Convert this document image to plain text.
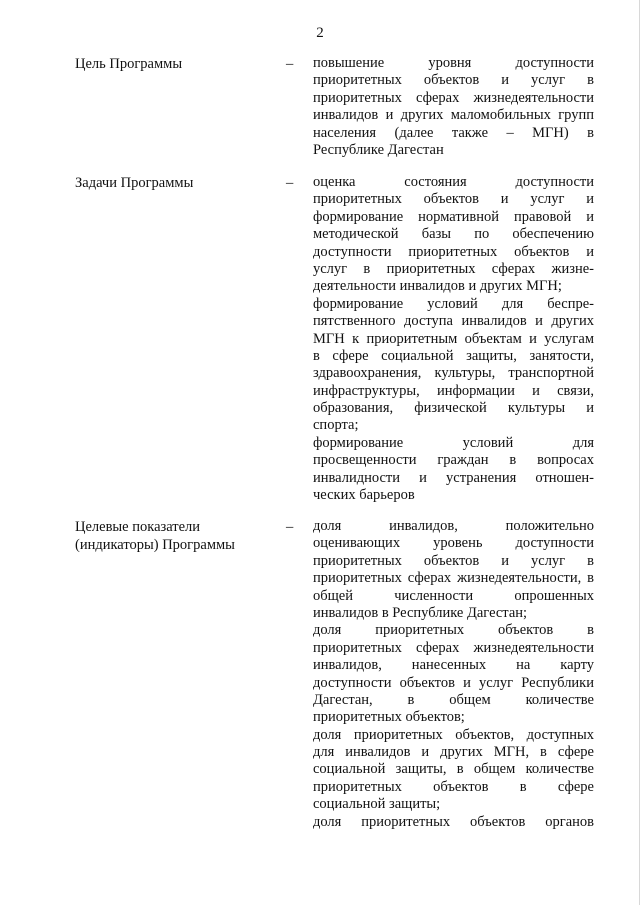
2
Цель Программы	–	повышение уровня доступности
приоритетных объектов и услуг в
приоритетных сферах жизнедеятельности
инвалидов и других маломобильных групп
населения (далее также – МГН) в
Республике Дагестан
Задачи Программы	–	оценка состояния доступности
приоритетных объектов и услуг и
формирование нормативной правовой и
методической базы по обеспечению
доступности приоритетных объектов и
услуг в приоритетных сферах жизне-
деятельности инвалидов и других МГН;
формирование условий для беспре-
пятственного доступа инвалидов и других
МГН к приоритетным объектам и услугам
в сфере социальной защиты, занятости,
здравоохранения, культуры, транспортной
инфраструктуры, информации и связи,
образования, физической культуры и
спорта;
формирование условий для
просвещенности граждан в вопросах
инвалидности и устранения отношен-
ческих барьеров
Целевые показатели
(индикаторы) Программы
–	доля инвалидов, положительно
оценивающих уровень доступности
приоритетных объектов и услуг в
приоритетных сферах жизнедеятельности, в
общей численности опрошенных
инвалидов в Республике Дагестан;
доля приоритетных объектов в
приоритетных сферах жизнедеятельности
инвалидов, нанесенных на карту
доступности объектов и услуг Республики
Дагестан, в общем количестве
приоритетных объектов;
доля приоритетных объектов, доступных
для инвалидов и других МГН, в сфере
социальной защиты, в общем количестве
приоритетных объектов в сфере
социальной защиты;
доля приоритетных объектов органов
